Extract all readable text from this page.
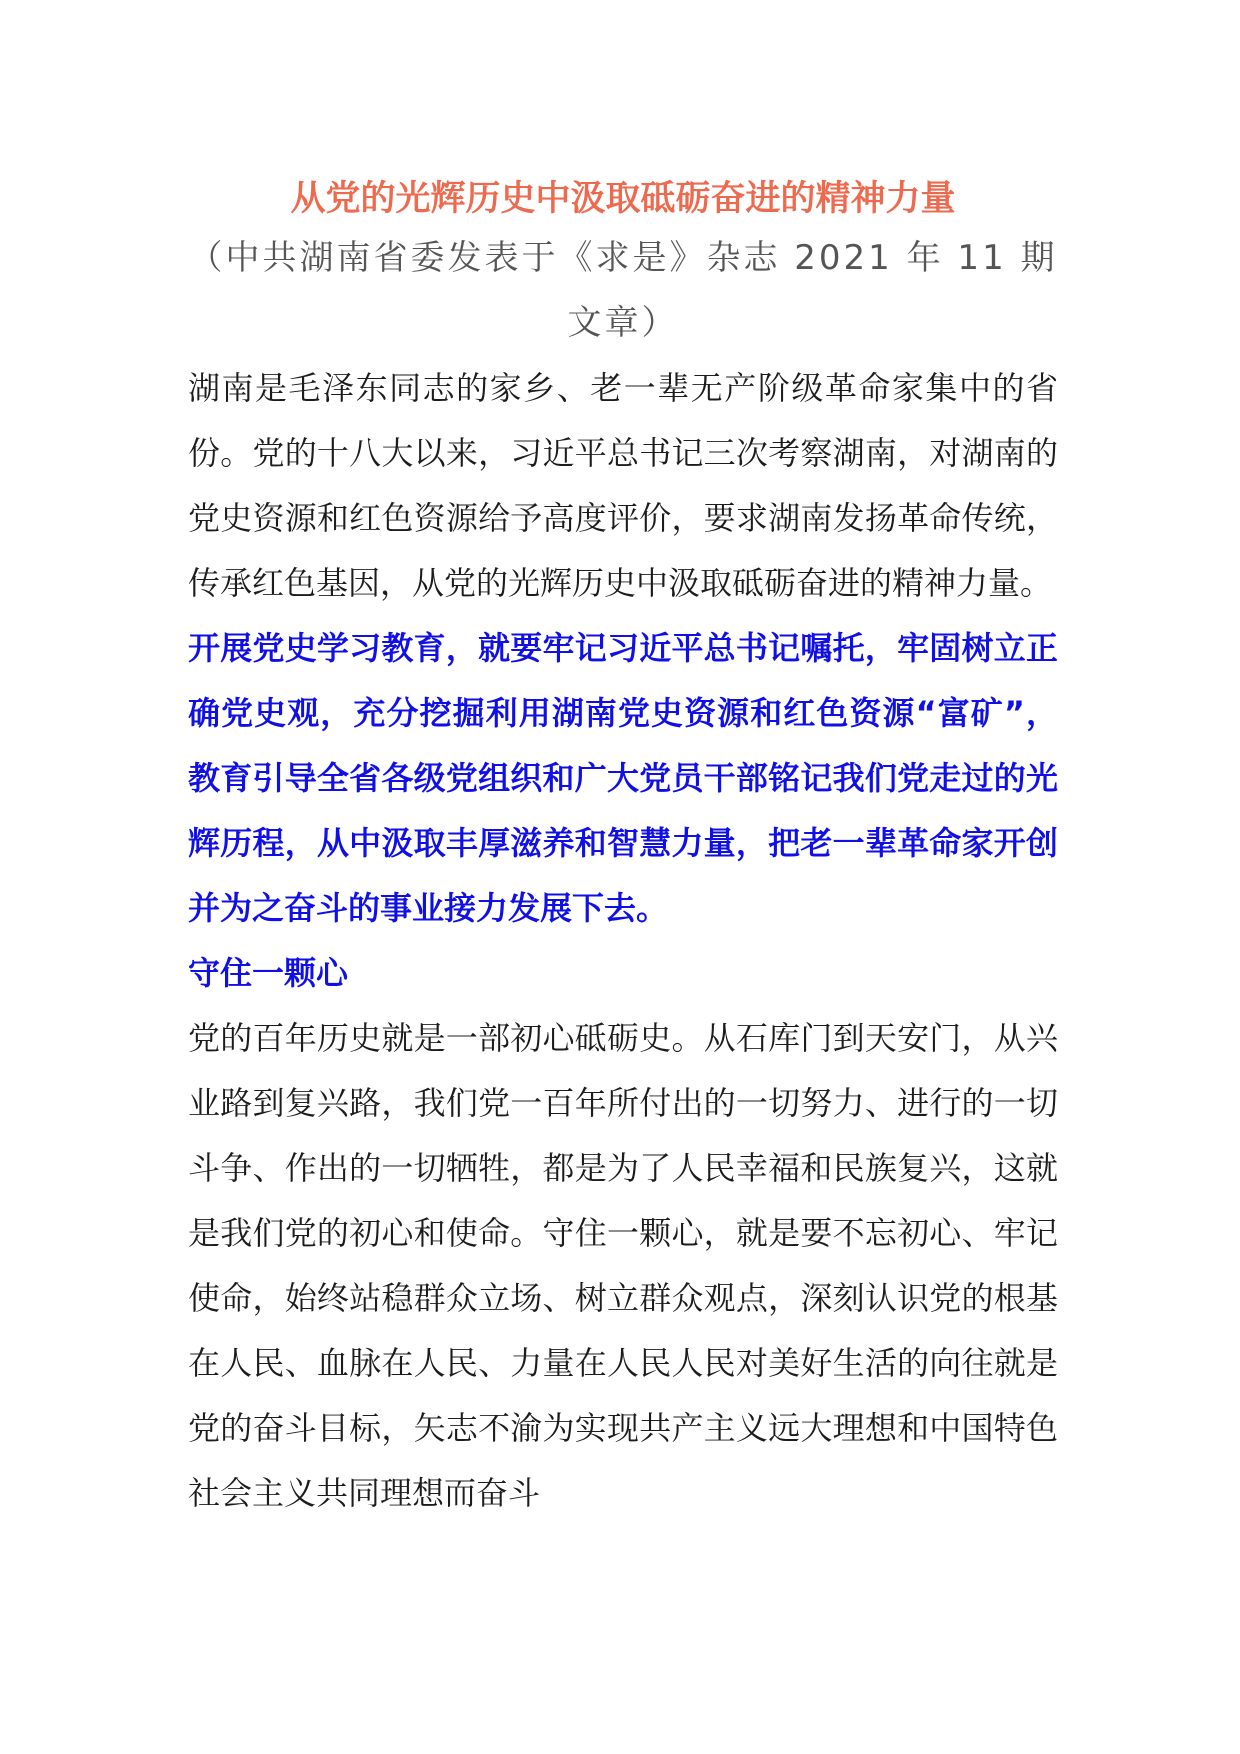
从党的光辉历史中汲取砥砺奋进的精神力量

（中共湖南省委发表于《求是》杂志 2021 年 11 期文章）

湖南是毛泽东同志的家乡、老一辈无产阶级革命家集中的省份。党的十八大以来，习近平总书记三次考察湖南，对湖南的党史资源和红色资源给予高度评价，要求湖南发扬革命传统，传承红色基因，从党的光辉历史中汲取砥砺奋进的精神力量。

开展党史学习教育，就要牢记习近平总书记嘱托，牢固树立正确党史观，充分挖掘利用湖南党史资源和红色资源“富矿”，教育引导全省各级党组织和广大党员干部铭记我们党走过的光辉历程，从中汲取丰厚滋养和智慧力量，把老一辈革命家开创并为之奋斗的事业接力发展下去。

守住一颗心

党的百年历史就是一部初心砥砺史。从石库门到天安门，从兴业路到复兴路，我们党一百年所付出的一切努力、进行的一切斗争、作出的一切牺牲，都是为了人民幸福和民族复兴，这就是我们党的初心和使命。守住一颗心，就是要不忘初心、牢记使命，始终站稳群众立场、树立群众观点，深刻认识党的根基在人民、血脉在人民、力量在人民人民对美好生活的向往就是党的奋斗目标，矢志不渝为实现共产主义远大理想和中国特色社会主义共同理想而奋斗
